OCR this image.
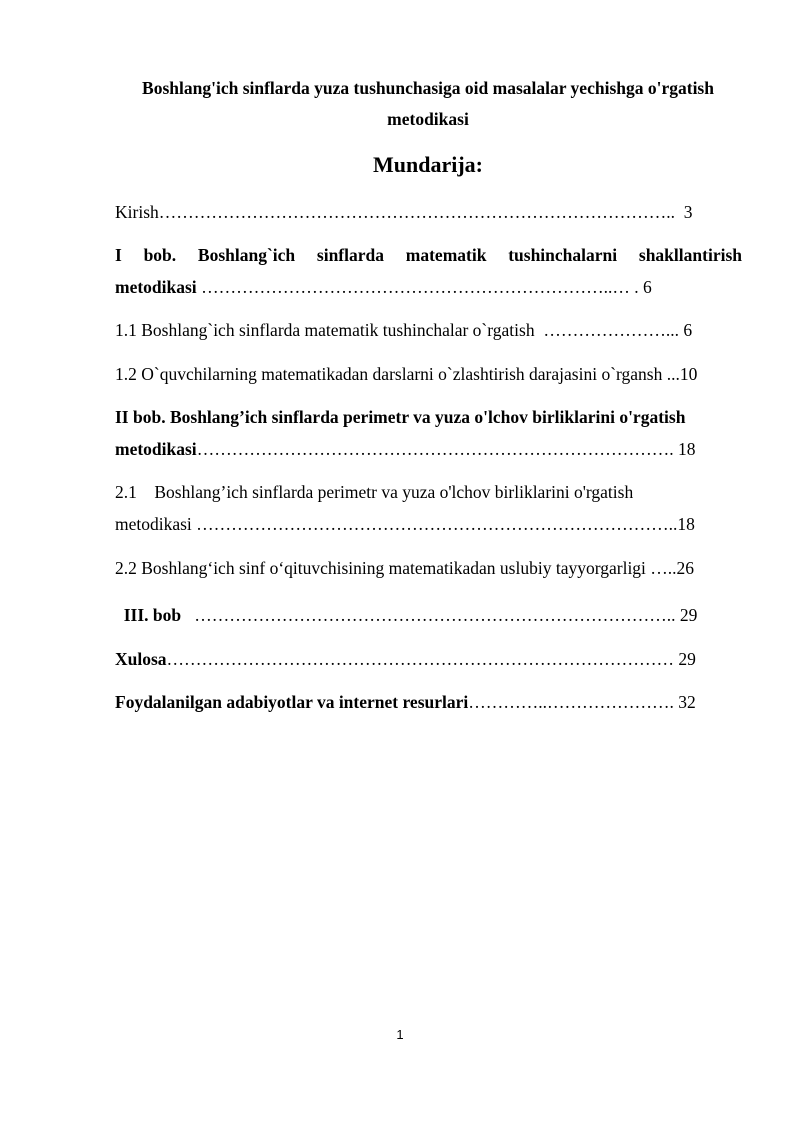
Boshlang'ich sinflarda yuza tushunchasiga oid masalalar yechishga o'rgatish
metodikasi
Mundarija:
Kirish……………………………………………………………………………..  3
I bob. Boshlang`ich sinflarda matematik tushinchalarni shakllantirish
metodikasi ……………………………………………………………..… . 6
1.1 Boshlang`ich sinflarda matematik tushinchalar o`rgatish  …………………... 6
1.2 O`quvchilarning matematikadan darslarni o`zlashtirish darajasini o`rgansh ...10
II bob. Boshlang’ich sinflarda perimetr va yuza o'lchov birliklarini o'rgatish
metodikasi………………………………………………………………………. 18
2.1    Boshlang’ich sinflarda perimetr va yuza o'lchov birliklarini o'rgatish
metodikasi ………………………………………………………………………..18
2.2 Boshlang‘ich sinf o‘qituvchisining matematikadan uslubiy tayyorgarligi …..26
III. bob   ……………………………………………………………………….. 29
Xulosa…………………………………………………………………………… 29
Foydalanilgan adabiyotlar va internet resurlari…………..…………………. 32
1
